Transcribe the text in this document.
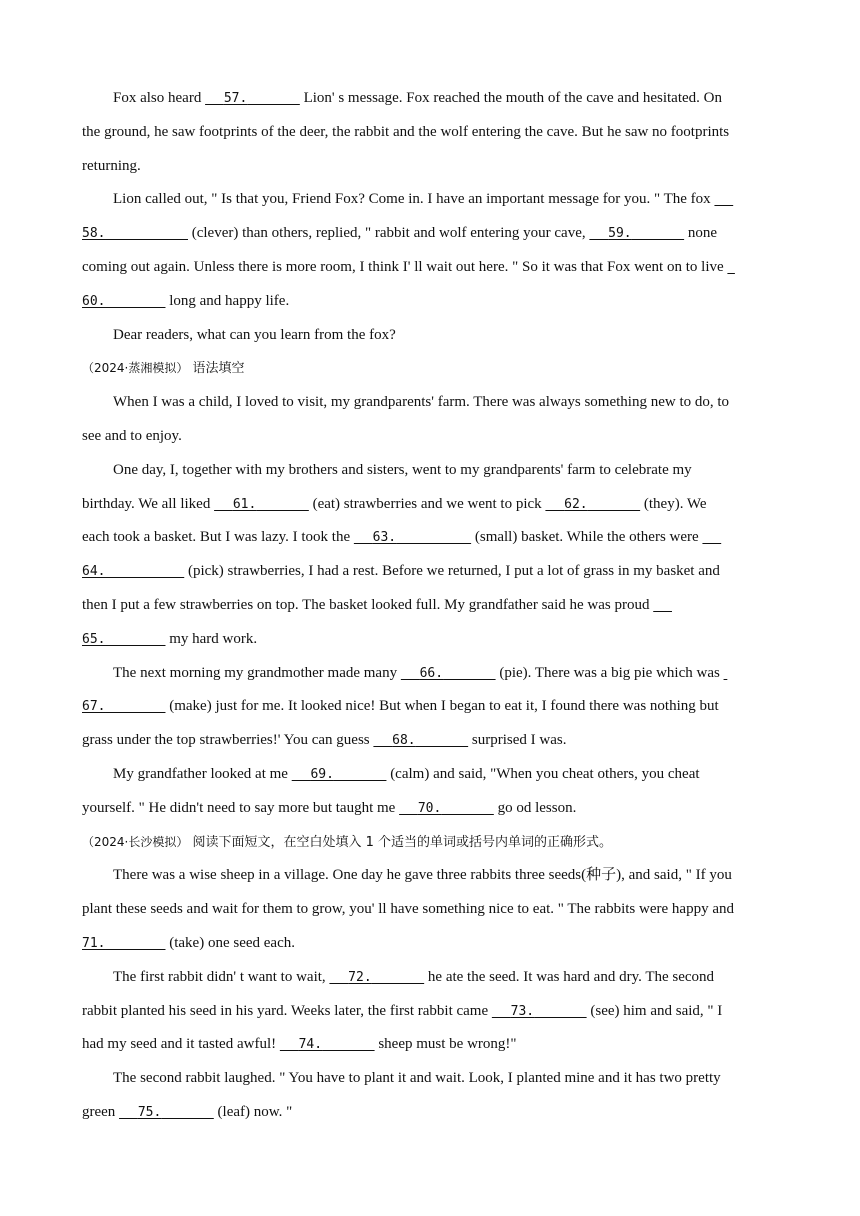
Fox also heard 57.	Lion' s message. Fox reached the mouth of the cave and hesitated. On
the ground, he saw footprints of the deer, the rabbit and the wolf entering the cave. But he saw no footprints
returning.
Lion called out, " Is that you, Friend Fox? Come in. I have an important message for you. " The fox
58.	(clever) than others, replied, " rabbit and wolf entering your cave, 59.	none
coming out again. Unless there is more room, I think I' ll wait out here. " So it was that Fox went on to live
60.	long and happy life.
Dear readers, what can you learn from the fox?
（2024·蒸湘模拟） 语法填空
When I was a child, I loved to visit, my grandparents' farm. There was always something new to do, to
see and to enjoy.
One day, I, together with my brothers and sisters, went to my grandparents' farm to celebrate my
birthday. We all liked 61.	(eat) strawberries and we went to pick 62.	(they). We
each took a basket. But I was lazy. I took the 63.	(small) basket. While the others were
64.	(pick) strawberries, I had a rest. Before we returned, I put a lot of grass in my basket and
then I put a few strawberries on top. The basket looked full. My grandfather said he was proud
65.	my hard work.
The next morning my grandmother made many 66.	(pie). There was a big pie which was
67.	(make) just for me. It looked nice! But when I began to eat it, I found there was nothing but
grass under the top strawberries!' You can guess 68.	surprised I was.
My grandfather looked at me 69.	(calm) and said, "When you cheat others, you cheat
yourself. " He didn't need to say more but taught me 70.	go od lesson.
（2024·长沙模拟） 阅读下面短文，在空白处填入 1 个适当的单词或括号内单词的正确形式。
There was a wise sheep in a village. One day he gave three rabbits three seeds(种子), and said, " If you
plant these seeds and wait for them to grow, you' ll have something nice to eat. " The rabbits were happy and
71.	(take) one seed each.
The first rabbit didn' t want to wait, 72.	he ate the seed. It was hard and dry. The second
rabbit planted his seed in his yard. Weeks later, the first rabbit came 73.	(see) him and said, " I
had my seed and it tasted awful! 74.	sheep must be wrong!"
The second rabbit laughed. " You have to plant it and wait. Look, I planted mine and it has two pretty
green 75.	(leaf) now. "
